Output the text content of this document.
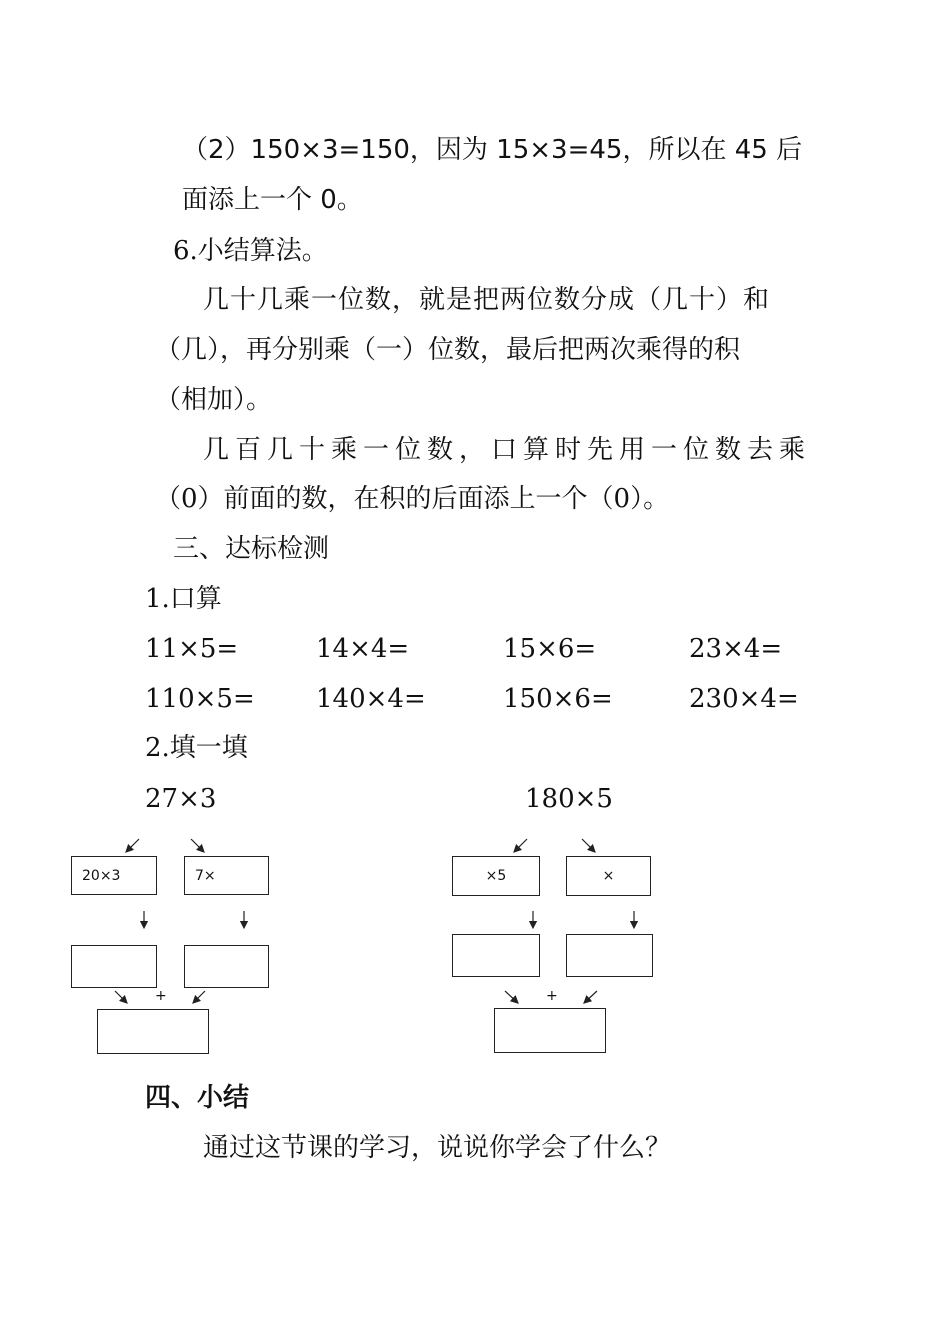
（2）150×3=150，因为 15×3=45，所以在 45 后
面添上一个 0。
6.小结算法。
几十几乘一位数，就是把两位数分成（几十）和
（几），再分别乘（一）位数，最后把两次乘得的积
（相加）。
几百几十乘一位数，口算时先用一位数去乘
（0）前面的数，在积的后面添上一个（0）。
三、达标检测
1.口算
11×5=	14×4=	15×6=	23×4=
110×5= 140×4=	150×6=	230×4=
2.填一填
27×3	180×5
20×3	7×
+
×5	×
+
四、小结
通过这节课的学习，说说你学会了什么？
